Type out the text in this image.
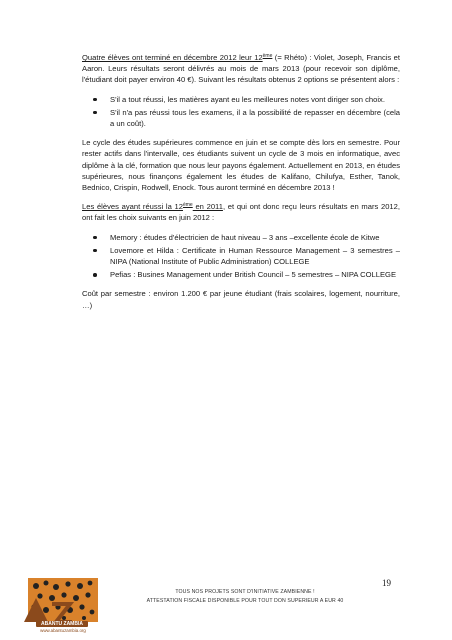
Quatre élèves ont terminé en décembre 2012 leur 12ème (= Rhéto) : Violet, Joseph, Francis et Aaron. Leurs résultats seront délivrés au mois de mars 2013 (pour recevoir son diplôme, l'étudiant doit payer environ 40 €). Suivant les résultats obtenus 2 options se présentent alors :

S'il a tout réussi, les matières ayant eu les meilleures notes vont diriger son choix.
S'il n'a pas réussi tous les examens, il a la possibilité de repasser en décembre (cela a un coût).

Le cycle des études supérieures commence en juin et se compte dès lors en semestre. Pour rester actifs dans l'intervalle, ces étudiants suivent un cycle de 3 mois en informatique, avec diplôme à la clé, formation que nous leur payons également. Actuellement en 2013, en études supérieures, nous finançons également les études de Kalifano, Chilufya, Esther, Tanok, Bednico, Crispin, Rodwell, Enock. Tous auront terminé en décembre 2013 !

Les élèves ayant réussi la 12ème en 2011, et qui ont donc reçu leurs résultats en mars 2012, ont fait les choix suivants en juin 2012 :

Memory : études d'électricien de haut niveau – 3 ans –excellente école de Kitwe
Lovemore et Hilda : Certificate in Human Ressource Management – 3 semestres – NIPA (National Institute of Public Administration) COLLEGE
Pefias : Busines Management under British Council – 5 semestres – NIPA COLLEGE

Coût par semestre : environ 1.200 € par jeune étudiant (frais scolaires, logement, nourriture, …)

ABANTU ZAMBIA
www.abantuzambia.org
TOUS NOS PROJETS SONT D'INITIATIVE ZAMBIENNE !
ATTESTATION FISCALE DISPONIBLE POUR TOUT DON SUPERIEUR A EUR 40
19
